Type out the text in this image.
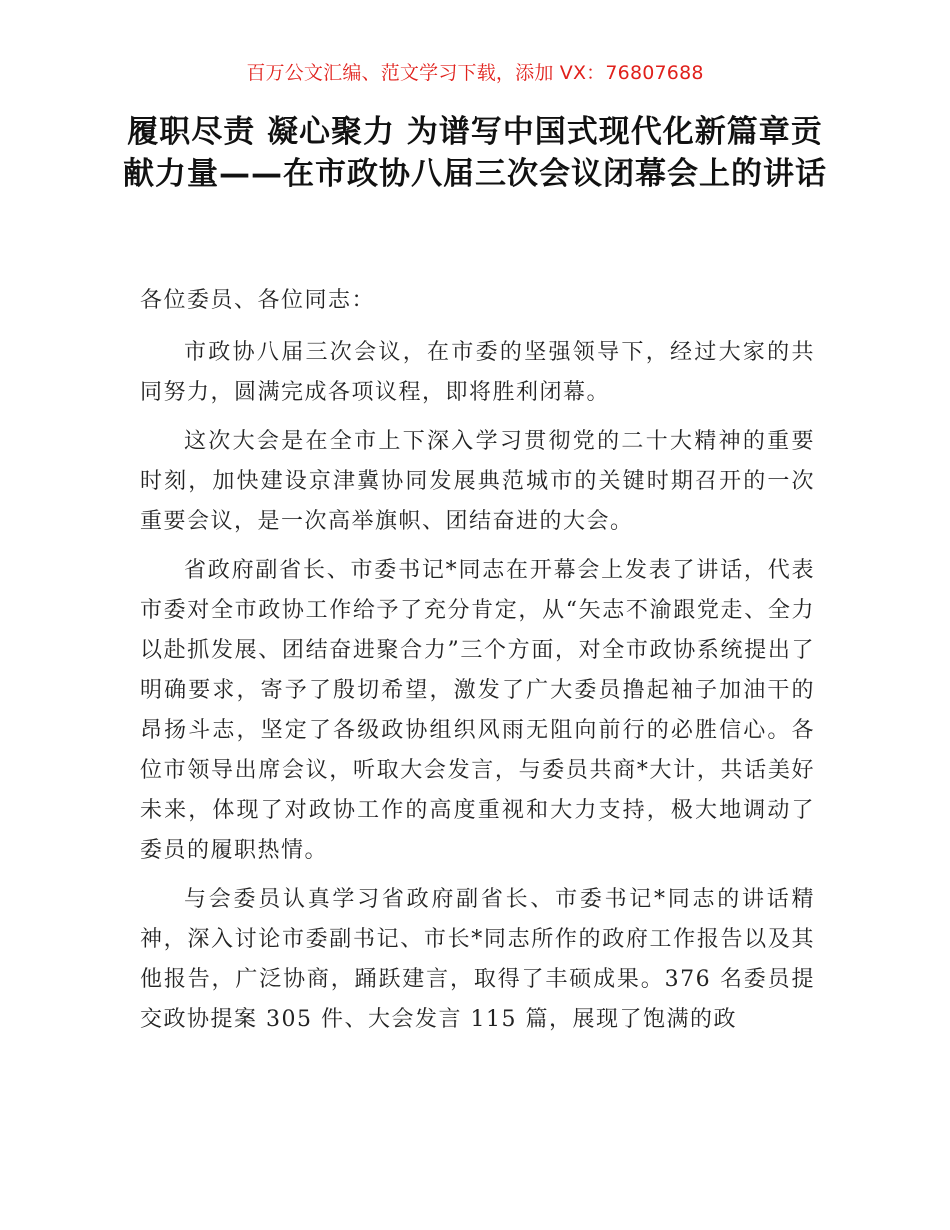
百万公文汇编、范文学习下载，添加 VX：76807688
履职尽责 凝心聚力 为谱写中国式现代化新篇章贡献力量——在市政协八届三次会议闭幕会上的讲话

各位委员、各位同志：

市政协八届三次会议，在市委的坚强领导下，经过大家的共同努力，圆满完成各项议程，即将胜利闭幕。

这次大会是在全市上下深入学习贯彻党的二十大精神的重要时刻，加快建设京津冀协同发展典范城市的关键时期召开的一次重要会议，是一次高举旗帜、团结奋进的大会。

省政府副省长、市委书记*同志在开幕会上发表了讲话，代表市委对全市政协工作给予了充分肯定，从“矢志不渝跟党走、全力以赴抓发展、团结奋进聚合力”三个方面，对全市政协系统提出了明确要求，寄予了殷切希望，激发了广大委员撸起袖子加油干的昂扬斗志，坚定了各级政协组织风雨无阻向前行的必胜信心。各位市领导出席会议，听取大会发言，与委员共商*大计，共话美好未来，体现了对政协工作的高度重视和大力支持，极大地调动了委员的履职热情。

与会委员认真学习省政府副省长、市委书记*同志的讲话精神，深入讨论市委副书记、市长*同志所作的政府工作报告以及其他报告，广泛协商，踊跃建言，取得了丰硕成果。376 名委员提交政协提案 305 件、大会发言 115 篇，展现了饱满的政
